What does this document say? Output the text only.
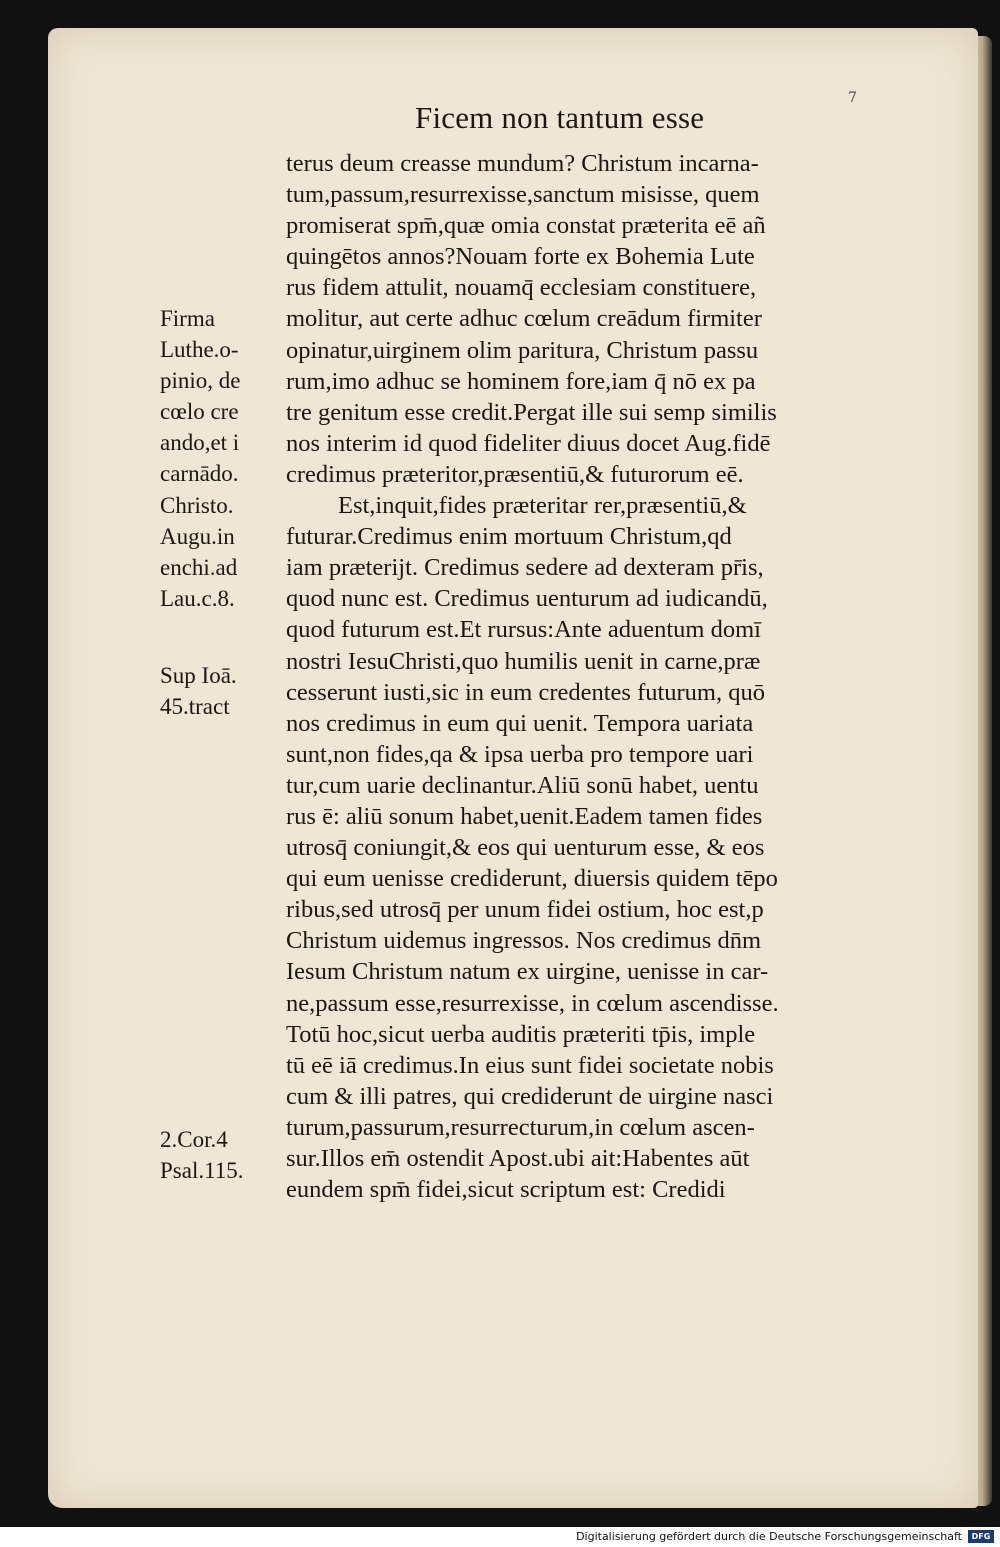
Ficem non tantum esse
7
Firma
Luthe.o-
pinio, de
cœlo cre
ando,et i
carnādo.
Christo.
Augu.in
enchi.ad
Lau.c.8.
Sup Ioā.
45.tract
2.Cor.4
Psal.115.
terus deum creasse mundum? Christum incarna-
tum,passum,resurrexisse,sanctum misisse, quem
promiserat spm̄,quæ omia constat præterita eē añ
quingētos annos?Nouam forte ex Bohemia Lute
rus fidem attulit, nouamq̄ ecclesiam constituere,
molitur, aut certe adhuc cœlum creādum firmiter
opinatur,uirginem olim paritura, Christum passu
rum,imo adhuc se hominem fore,iam q̄ nō ex pa
tre genitum esse credit.Pergat ille sui semp similis
nos interim id quod fideliter diuus docet Aug.fidē
credimus præteritor,præsentiū,& futurorum eē.
Est,inquit,fides præteritar rer,præsentiū,&
futurar.Credimus enim mortuum Christum,qd
iam præterijt. Credimus sedere ad dexteram pr̄is,
quod nunc est. Credimus uenturum ad iudicandū,
quod futurum est.Et rursus:Ante aduentum domī
nostri IesuChristi,quo humilis uenit in carne,præ
cesserunt iusti,sic in eum credentes futurum, quō
nos credimus in eum qui uenit. Tempora uariata
sunt,non fides,qa & ipsa uerba pro tempore uari
tur,cum uarie declinantur.Aliū sonū habet, uentu
rus ē: aliū sonum habet,uenit.Eadem tamen fides
utrosq̄ coniungit,& eos qui uenturum esse, & eos
qui eum uenisse crediderunt, diuersis quidem tēpo
ribus,sed utrosq̄ per unum fidei ostium, hoc est,p
Christum uidemus ingressos. Nos credimus dn̄m
Iesum Christum natum ex uirgine, uenisse in car-
ne,passum esse,resurrexisse, in cœlum ascendisse.
Totū hoc,sicut uerba auditis præteriti tp̄is, imple
tū eē iā credimus.In eius sunt fidei societate nobis
cum & illi patres, qui crediderunt de uirgine nasci
turum,passurum,resurrecturum,in cœlum ascen-
sur.Illos em̄ ostendit Apost.ubi ait:Habentes aūt
eundem spm̄ fidei,sicut scriptum est: Credidi
Digitalisierung gefördert durch die Deutsche Forschungsgemeinschaft	DFG
